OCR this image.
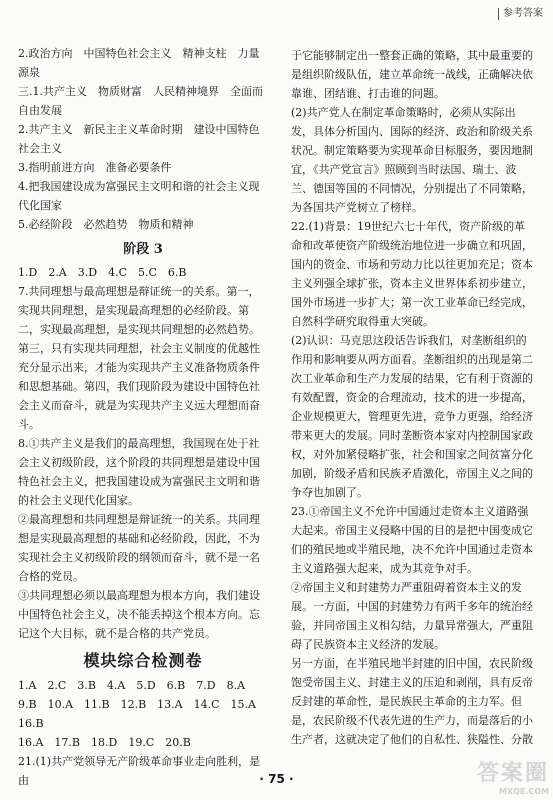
参考答案

2.政治方向　中国特色社会主义　精神支柱　力量源泉

三.1.共产主义　物质财富　人民精神境界　全面而自由发展

2.共产主义　新民主主义革命时期　建设中国特色社会主义

3.指明前进方向　准备必要条件

4.把我国建设成为富强民主文明和谐的社会主义现代化国家

5.必经阶段　必然趋势　物质和精神

阶段 3

1.D　2.A　3.D　4.C　5.C　6.B

7.共同理想与最高理想是辩证统一的关系。第一，实现共同理想，是实现最高理想的必经阶段。第二，实现最高理想，是实现共同理想的必然趋势。第三，只有实现共同理想，社会主义制度的优越性充分显示出来，才能为实现共产主义准备物质条件和思想基础。第四，我们现阶段为建设中国特色社会主义而奋斗，就是为实现共产主义远大理想而奋斗。

8.①共产主义是我们的最高理想，我国现在处于社会主义初级阶段，这个阶段的共同理想是建设中国特色社会主义，把我国建设成为富强民主文明和谐的社会主义现代化国家。

②最高理想和共同理想是辩证统一的关系。共同理想是实现最高理想的基础和必经阶段，因此，不为实现社会主义初级阶段的纲领而奋斗，就不是一名合格的党员。

③共同理想必须以最高理想为根本方向，我们建设中国特色社会主义，决不能丢掉这个根本方向。忘记这个大目标，就不是合格的共产党员。

模块综合检测卷

1.A　2.C　3.B　4.A　5.D　6.B　7.D　8.A

9.B　10.A　11.B　12.B　13.A　14.C　15.A　16.B

16.A　17.B　18.D　19.C　20.B

21.(1)共产党领导无产阶级革命事业走向胜利，是由

于它能够制定出一整套正确的策略，其中最重要的是组织阶级队伍，建立革命统一战线，正确解决依靠谁、团结谁、打击谁的问题。

(2)共产党人在制定革命策略时，必须从实际出发，具体分析国内、国际的经济、政治和阶级关系状况。制定策略要为实现革命目标服务，要因地制宜，《共产党宣言》照顾到当时法国、瑞士、波兰、德国等国的不同情况，分别提出了不同策略，为各国共产党树立了榜样。

22.(1)背景：19世纪六七十年代，资产阶级的革命和改革使资产阶级统治地位进一步确立和巩固，国内的资金、市场和劳动力比以往更加充足；资本主义列强全球扩张，资本主义世界体系初步建立，国外市场进一步扩大；第一次工业革命已经完成，自然科学研究取得重大突破。

(2)认识：马克思这段话告诉我们，对垄断组织的作用和影响要从两方面看。垄断组织的出现是第二次工业革命和生产力发展的结果，它有利于资源的有效配置，资金的合理流动，技术的进一步提高，企业规模更大，管理更先进，竞争力更强，给经济带来更大的发展。同时垄断资本家对内控制国家政权，对外加紧侵略扩张，社会和国家之间贫富分化加剧，阶级矛盾和民族矛盾激化，帝国主义之间的争夺也加剧了。

23.①帝国主义不允许中国通过走资本主义道路强大起来。帝国主义侵略中国的目的是把中国变成它们的殖民地或半殖民地，决不允许中国通过走资本主义道路强大起来，成为其竞争对手。

②帝国主义和封建势力严重阻碍着资本主义的发展。一方面，中国的封建势力有两千多年的统治经验，并同帝国主义相勾结，力量异常强大，严重阻碍了民族资本主义经济的发展。

另一方面，在半殖民地半封建的旧中国，农民阶级饱受帝国主义、封建主义的压迫和剥削，具有反帝反封建的革命性，是民族民主革命的主力军。但是，农民阶级不代表先进的生产力，而是落后的小生产者，这就决定了他们的自私性、狭隘性、分散

· 75 ·	答案圈
MXQE.COM
